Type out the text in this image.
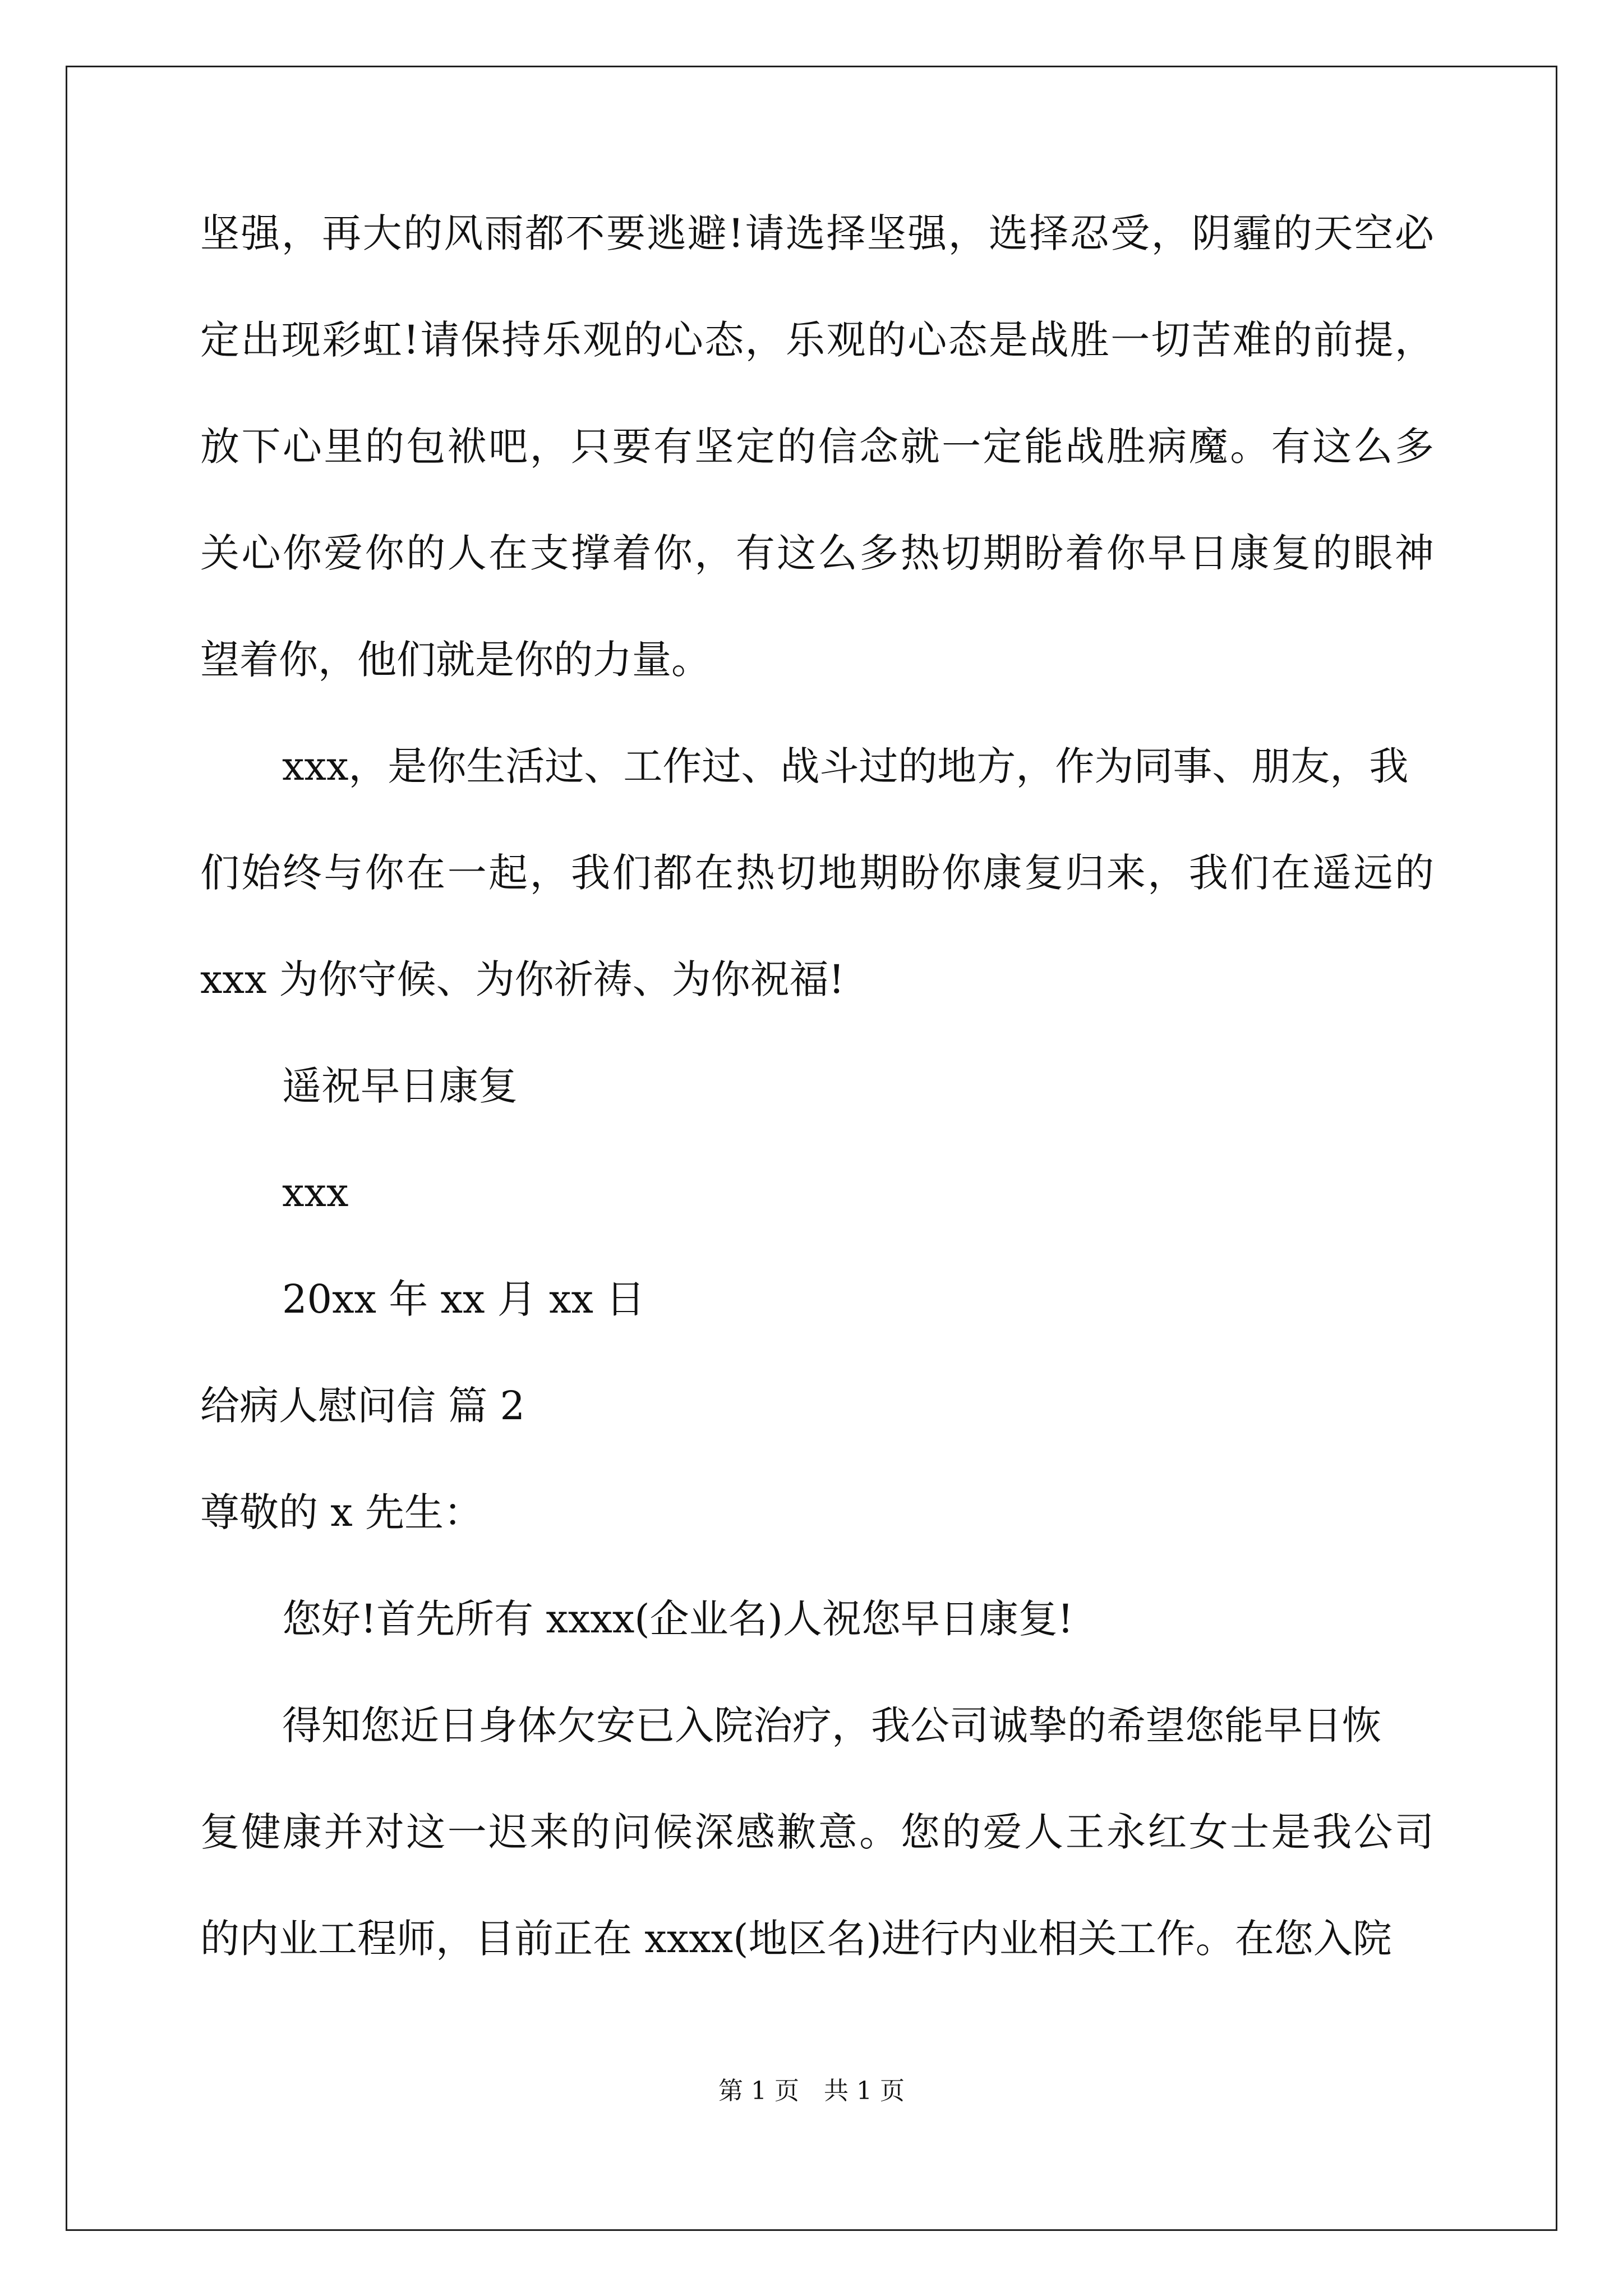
坚强，再大的风雨都不要逃避!请选择坚强，选择忍受，阴霾的天空必
定出现彩虹!请保持乐观的心态，乐观的心态是战胜一切苦难的前提，
放下心里的包袱吧，只要有坚定的信念就一定能战胜病魔。有这么多
关心你爱你的人在支撑着你，有这么多热切期盼着你早日康复的眼神
望着你，他们就是你的力量。
xxx，是你生活过、工作过、战斗过的地方，作为同事、朋友，我
们始终与你在一起，我们都在热切地期盼你康复归来，我们在遥远的
xxx 为你守候、为你祈祷、为你祝福!
遥祝早日康复
xxx
20xx 年 xx 月 xx 日
给病人慰问信 篇 2
尊敬的 x 先生：
您好!首先所有 xxxx(企业名)人祝您早日康复!
得知您近日身体欠安已入院治疗，我公司诚挚的希望您能早日恢
复健康并对这一迟来的问候深感歉意。您的爱人王永红女士是我公司
的内业工程师，目前正在 xxxx(地区名)进行内业相关工作。在您入院
第 1 页　共 1 页
